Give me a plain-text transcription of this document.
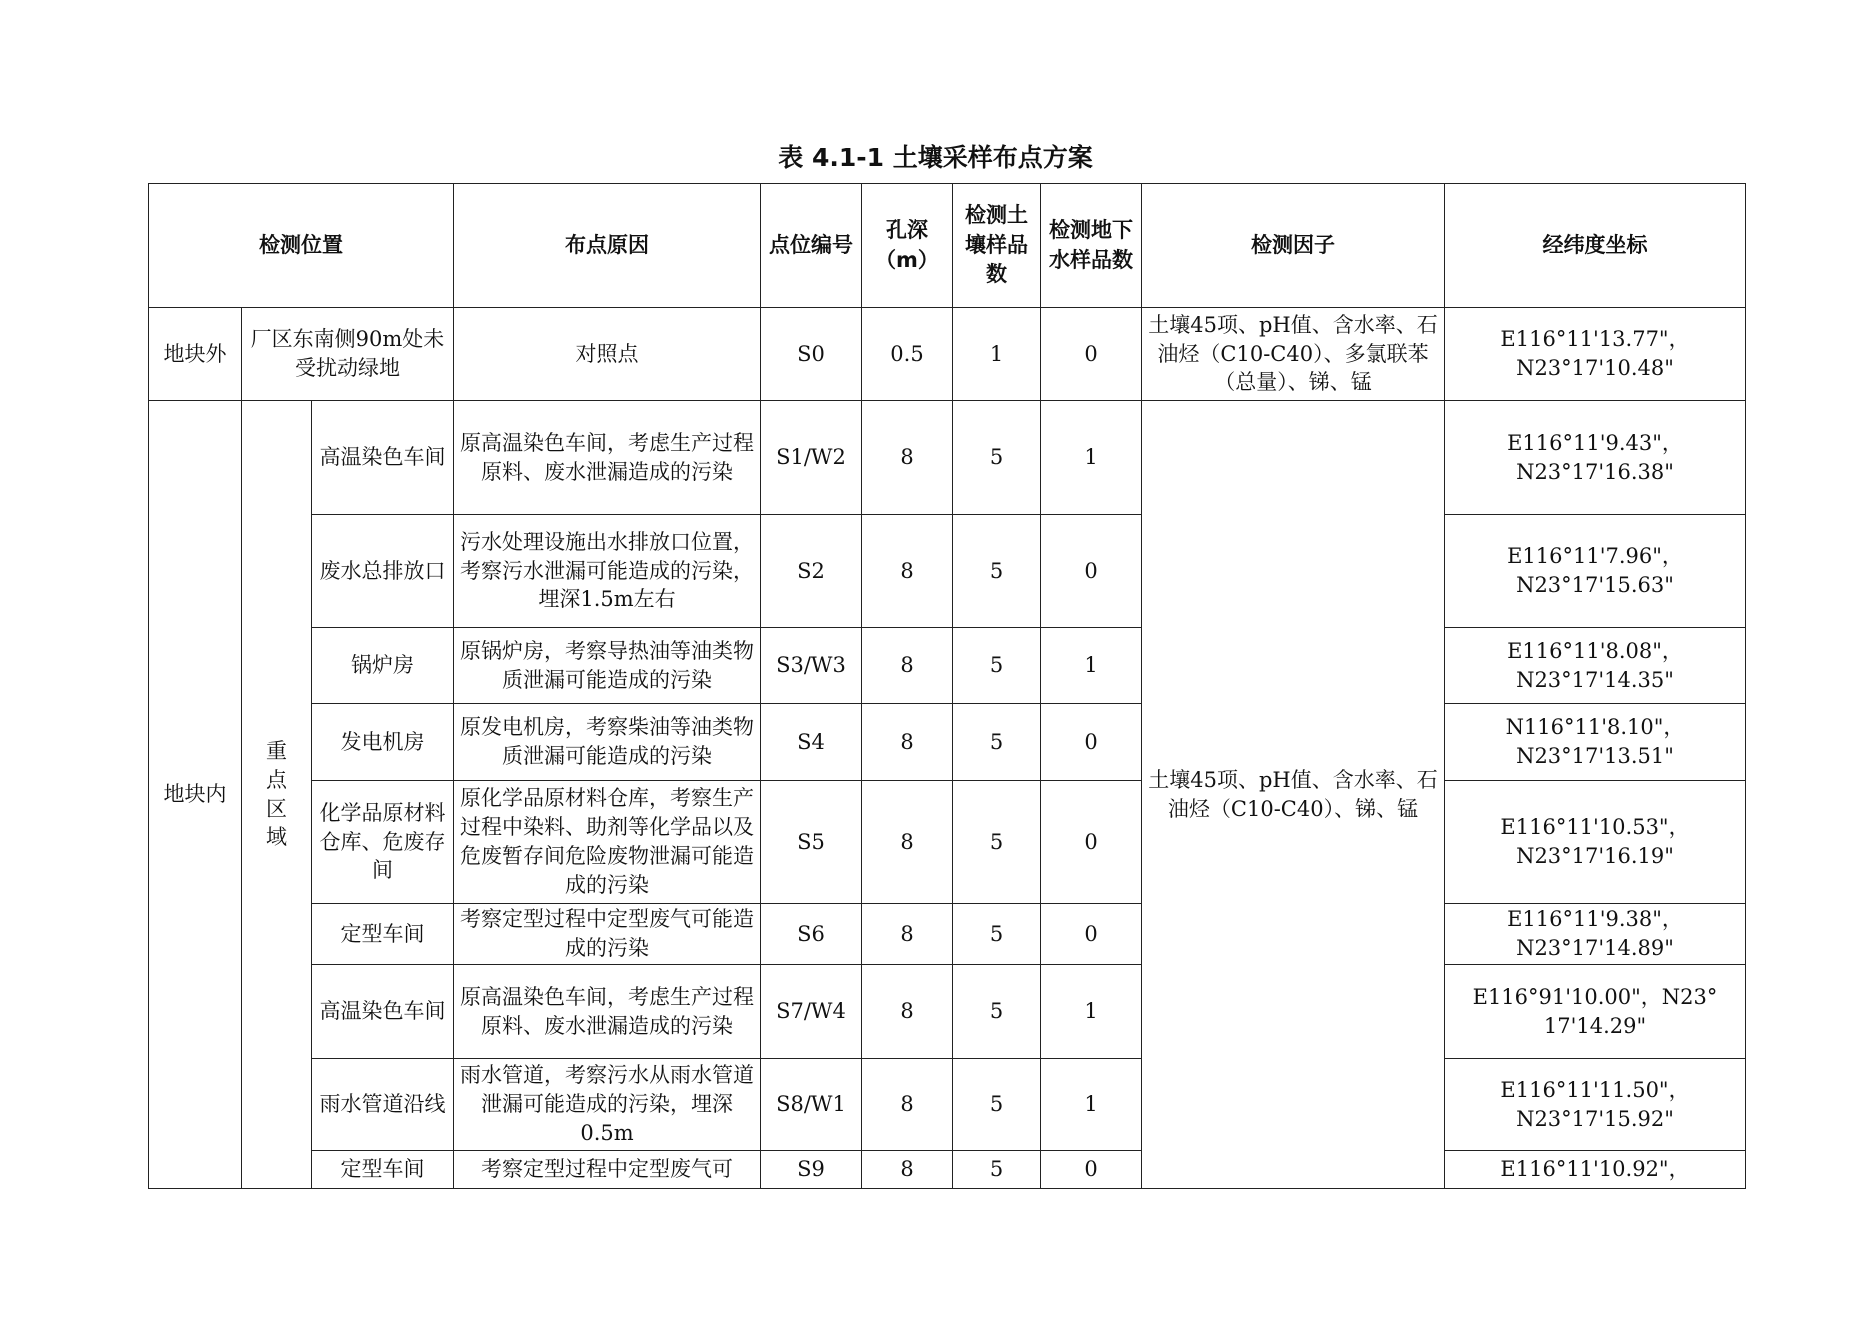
表 4.1-1 土壤采样布点方案
检测位置			布点原因	点位编号	孔深（m）	检测土壤样品数	检测地下水样品数	检测因子	经纬度坐标
地块外	厂区东南侧90m处未受扰动绿地		对照点	S0	0.5	1	0	土壤45项、pH值、含水率、石油烃（C10-C40）、多氯联苯（总量）、锑、锰	E116°11'13.77"，N23°17'10.48"
地块内	重点区域	高温染色车间	原高温染色车间，考虑生产过程原料、废水泄漏造成的污染	S1/W2	8	5	1	土壤45项、pH值、含水率、石油烃（C10-C40）、锑、锰	E116°11'9.43"，N23°17'16.38"
		废水总排放口	污水处理设施出水排放口位置，考察污水泄漏可能造成的污染，埋深1.5m左右	S2	8	5	0		E116°11'7.96"，N23°17'15.63"
		锅炉房	原锅炉房，考察导热油等油类物质泄漏可能造成的污染	S3/W3	8	5	1		E116°11'8.08"，N23°17'14.35"
		发电机房	原发电机房，考察柴油等油类物质泄漏可能造成的污染	S4	8	5	0		N116°11'8.10"，N23°17'13.51"
		化学品原材料仓库、危废存间	原化学品原材料仓库，考察生产过程中染料、助剂等化学品以及危废暂存间危险废物泄漏可能造成的污染	S5	8	5	0		E116°11'10.53"，N23°17'16.19"
		定型车间	考察定型过程中定型废气可能造成的污染	S6	8	5	0		E116°11'9.38"，N23°17'14.89"
		高温染色车间	原高温染色车间，考虑生产过程原料、废水泄漏造成的污染	S7/W4	8	5	1		E116°91'10.00"，N23° 17'14.29"
		雨水管道沿线	雨水管道，考察污水从雨水管道泄漏可能造成的污染，埋深0.5m	S8/W1	8	5	1		E116°11'11.50"，N23°17'15.92"
		定型车间	考察定型过程中定型废气可	S9	8	5	0		E116°11'10.92"，
